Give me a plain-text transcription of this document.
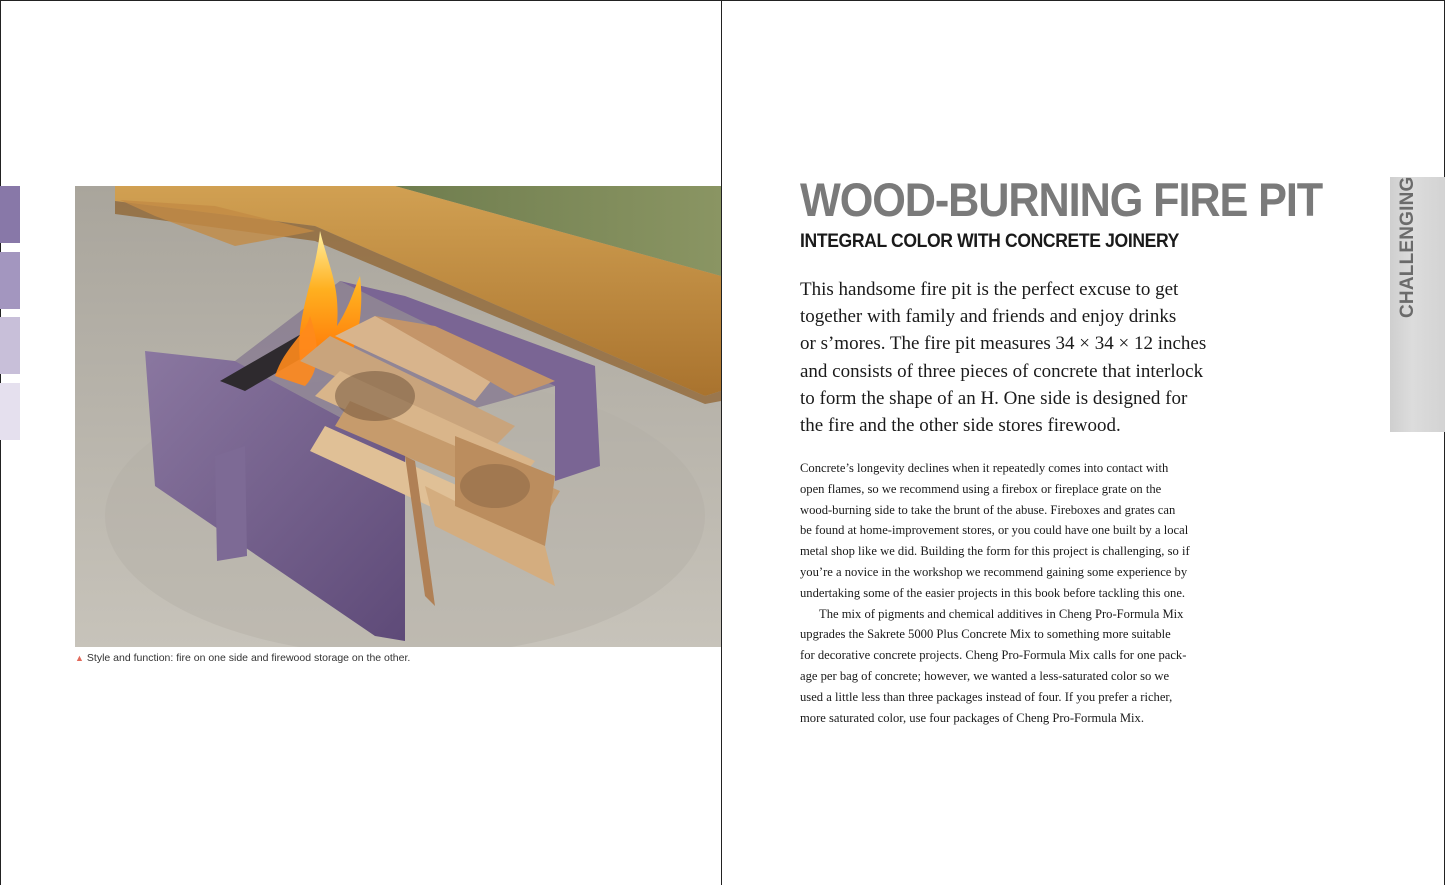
▲ Style and function: fire on one side and firewood storage on the other.
WOOD-BURNING FIRE PIT
INTEGRAL COLOR WITH CONCRETE JOINERY
This handsome fire pit is the perfect excuse to get
together with family and friends and enjoy drinks
or s’mores. The fire pit measures 34 × 34 × 12 inches
and consists of three pieces of concrete that interlock
to form the shape of an H. One side is designed for
the fire and the other side stores firewood.
Concrete’s longevity declines when it repeatedly comes into contact with
open flames, so we recommend using a firebox or fireplace grate on the
wood-burning side to take the brunt of the abuse. Fireboxes and grates can
be found at home-improvement stores, or you could have one built by a local
metal shop like we did. Building the form for this project is challenging, so if
you’re a novice in the workshop we recommend gaining some experience by
undertaking some of the easier projects in this book before tackling this one.
The mix of pigments and chemical additives in Cheng Pro-Formula Mix
upgrades the Sakrete 5000 Plus Concrete Mix to something more suitable
for decorative concrete projects. Cheng Pro-Formula Mix calls for one pack-
age per bag of concrete; however, we wanted a less-saturated color so we
used a little less than three packages instead of four. If you prefer a richer,
more saturated color, use four packages of Cheng Pro-Formula Mix.
CHALLENGING
